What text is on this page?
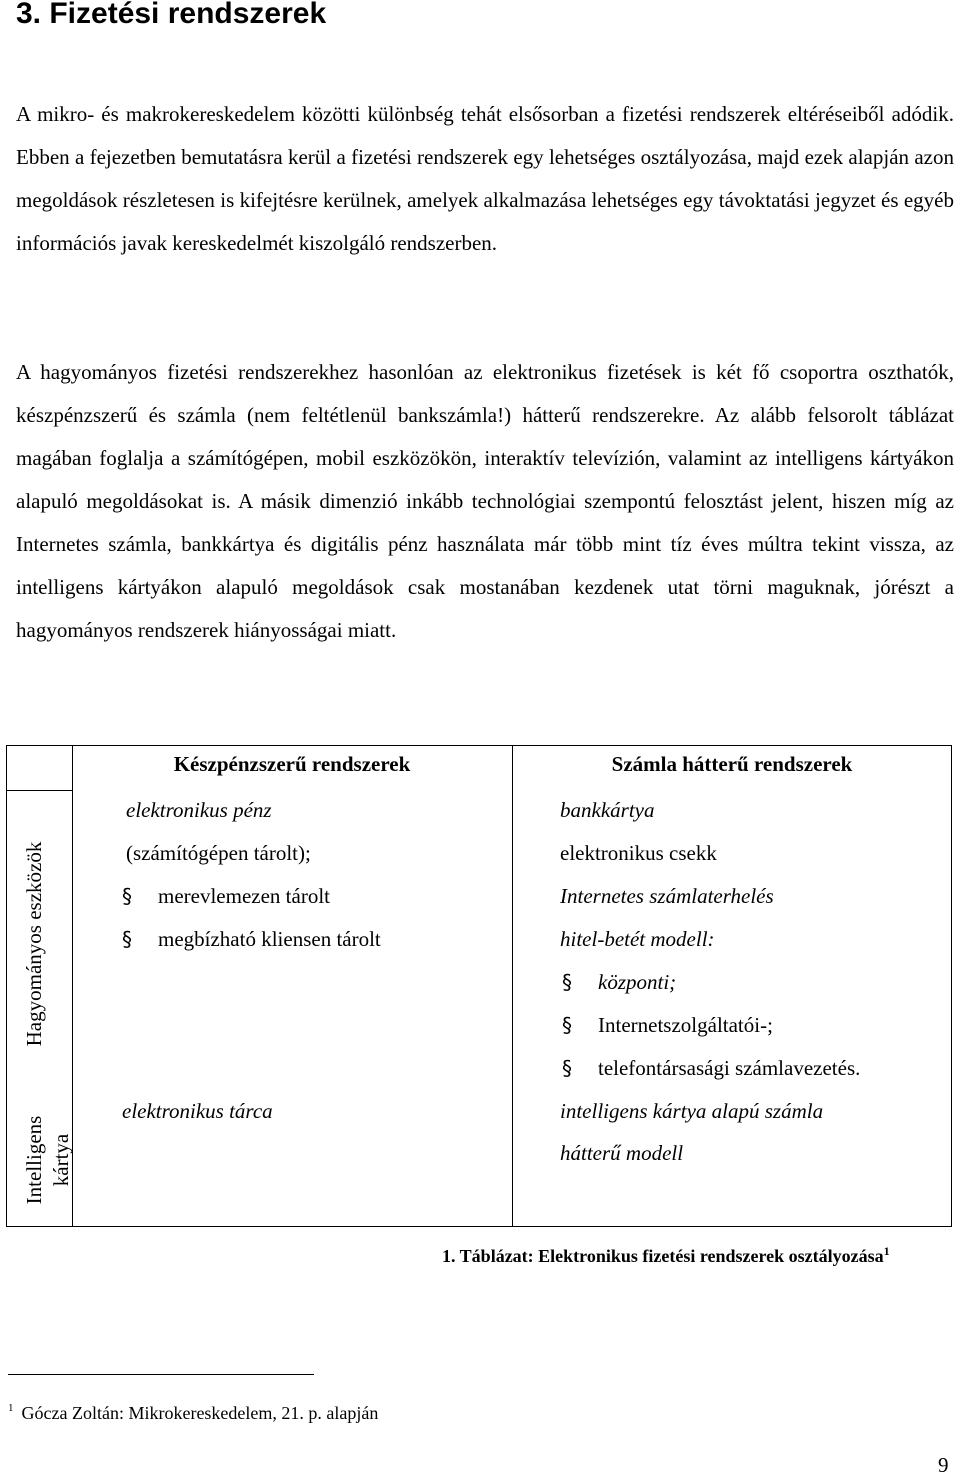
3. Fizetési rendszerek

A mikro- és makrokereskedelem közötti különbség tehát elsősorban a fizetési rendszerek eltéréseiből adódik. Ebben a fejezetben bemutatásra kerül a fizetési rendszerek egy lehetséges osztályozása, majd ezek alapján azon megoldások részletesen is kifejtésre kerülnek, amelyek alkalmazása lehetséges egy távoktatási jegyzet és egyéb információs javak kereskedelmét kiszolgáló rendszerben.

A hagyományos fizetési rendszerekhez hasonlóan az elektronikus fizetések is két fő csoportra oszthatók, készpénzszerű és számla (nem feltétlenül bankszámla!) hátterű rendszerekre. Az alább felsorolt táblázat magában foglalja a számítógépen, mobil eszközökön, interaktív televízión, valamint az intelligens kártyákon alapuló megoldásokat is. A másik dimenzió inkább technológiai szempontú felosztást jelent, hiszen míg az Internetes számla, bankkártya és digitális pénz használata már több mint tíz éves múltra tekint vissza, az intelligens kártyákon alapuló megoldások csak mostanában kezdenek utat törni maguknak, jórészt a hagyományos rendszerek hiányosságai miatt.

Készpénzszerű rendszerek	Számla hátterű rendszerek
Hagyományos eszközök
Intelligens kártya
elektronikus pénz
(számítógépen tárolt);
§ merevlemezen tárolt
§ megbízható kliensen tárolt
bankkártya
elektronikus csekk
Internetes számlaterhelés
hitel-betét modell:
§ központi;
§ Internetszolgáltatói-;
§ telefontársasági számlavezetés.
elektronikus tárca	intelligens kártya alapú számla
hátterű modell
1. Táblázat: Elektronikus fizetési rendszerek osztályozása$^1$
$^1$ Gócza Zoltán: Mikrokereskedelem, 21. p. alapján
9
